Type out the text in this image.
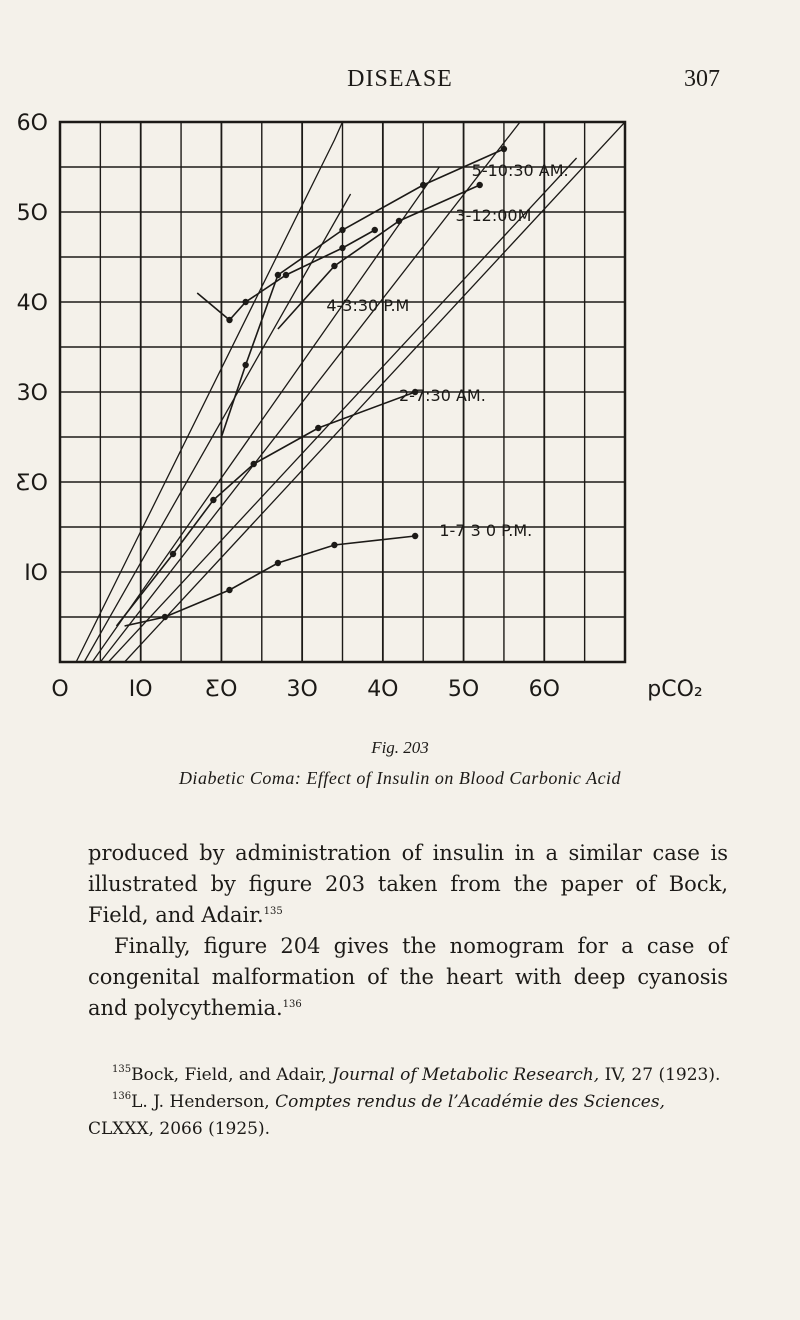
DISEASE	307
5-10:30 AM.
3-12:00M
4-3:30 P.M
2-7:30 AM.
1-7 3 0 P.M.
IO
ƸO
3O
4O
5O
6O
O	IO ƸO 3O 4O 5O 6O	pCO₂
Fig. 203
Diabetic Coma: Effect of Insulin on Blood Carbonic Acid

produced by administration of insulin in a similar case is illustrated by figure 203 taken from the paper of Bock, Field, and Adair.$^{135}$

Finally, figure 204 gives the nomogram for a case of congenital malformation of the heart with deep cyanosis and polycythemia.$^{136}$

$^{135}$Bock, Field, and Adair, Journal of Metabolic Research, IV, 27 (1923).

$^{136}$L. J. Henderson, Comptes rendus de l’Académie des Sciences, CLXXX, 2066 (1925).
